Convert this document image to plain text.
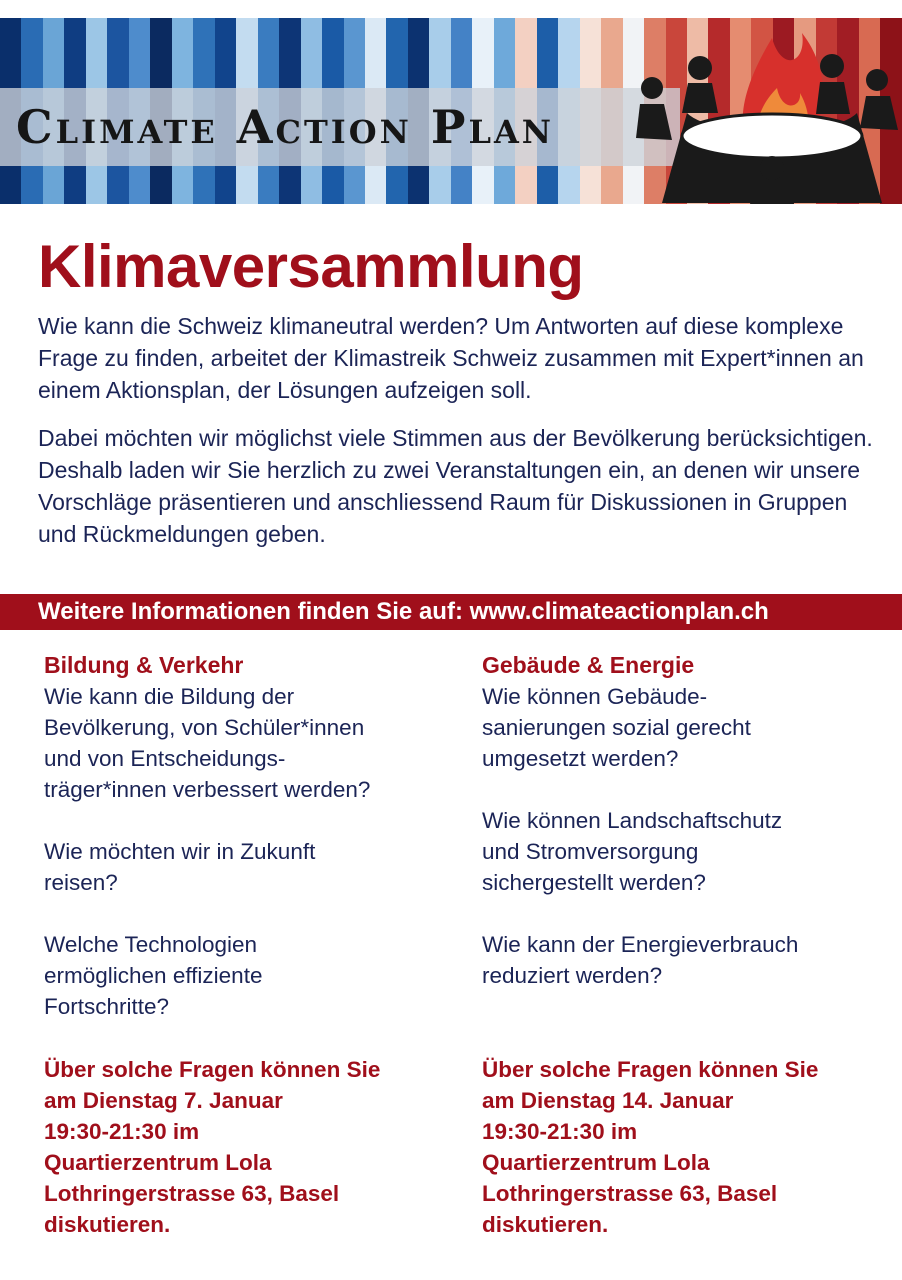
Climate Action Plan
Klimaversammlung
Wie kann die Schweiz klimaneutral werden? Um Antworten auf diese komplexe Frage zu finden, arbeitet der Klimastreik Schweiz zusammen mit Expert*innen an einem Aktionsplan, der Lösungen aufzeigen soll.
Dabei möchten wir möglichst viele Stimmen aus der Bevölkerung berücksichtigen. Deshalb laden wir Sie herzlich zu zwei Veranstaltungen ein, an denen wir unsere Vorschläge präsentieren und anschliessend Raum für Diskussionen in Gruppen und Rückmeldungen geben.
Weitere Informationen finden Sie auf: www.climateactionplan.ch
Bildung & Verkehr
Wie kann die Bildung der
Bevölkerung, von Schüler*innen
und von Entscheidungs-
träger*innen verbessert werden?
Wie möchten wir in Zukunft
reisen?
Welche Technologien
ermöglichen effiziente
Fortschritte?
Gebäude & Energie
Wie können Gebäude-
sanierungen sozial gerecht
umgesetzt werden?
Wie können Landschaftschutz
und Stromversorgung
sichergestellt werden?
Wie kann der Energieverbrauch
reduziert werden?
Über solche Fragen können Sie
am Dienstag 7. Januar
19:30-21:30 im
Quartierzentrum Lola
Lothringerstrasse 63, Basel
diskutieren.
Über solche Fragen können Sie
am Dienstag 14. Januar
19:30-21:30 im
Quartierzentrum Lola
Lothringerstrasse 63, Basel
diskutieren.
